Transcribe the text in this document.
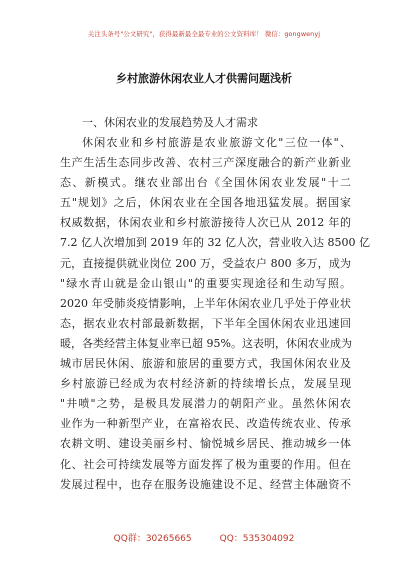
关注头条号"公文研究"，获得最新最全最专业的公文资料库！ 微信：gongwenyj
乡村旅游休闲农业人才供需问题浅析
一、休闲农业的发展趋势及人才需求
休闲农业和乡村旅游是农业旅游文化"三位一体"、
生产生活生态同步改善、农村三产深度融合的新产业新业
态、新模式。继农业部出台《全国休闲农业发展"十二
五"规划》之后，休闲农业在全国各地迅猛发展。据国家
权威数据，休闲农业和乡村旅游接待人次已从 2012 年的
7.2 亿人次增加到 2019 年的 32 亿人次，营业收入达 8500 亿
元，直接提供就业岗位 200 万，受益农户 800 多万，成为
"绿水青山就是金山银山"的重要实现途径和生动写照。
2020 年受肺炎疫情影响，上半年休闲农业几乎处于停业状
态，据农业农村部最新数据，下半年全国休闲农业迅速回
暖，各类经营主体复业率已超 95%。这表明，休闲农业成为
城市居民休闲、旅游和旅居的重要方式，我国休闲农业及
乡村旅游已经成为农村经济新的持续增长点，发展呈现
"井喷"之势，是极具发展潜力的朝阳产业。虽然休闲农
业作为一种新型产业，在富裕农民、改造传统农业、传承
农耕文明、建设美丽乡村、愉悦城乡居民、推动城乡一体
化、社会可持续发展等方面发挥了极为重要的作用。但在
发展过程中，也存在服务设施建设不足、经营主体融资不
QQ群：30265665	QQ：535304092
